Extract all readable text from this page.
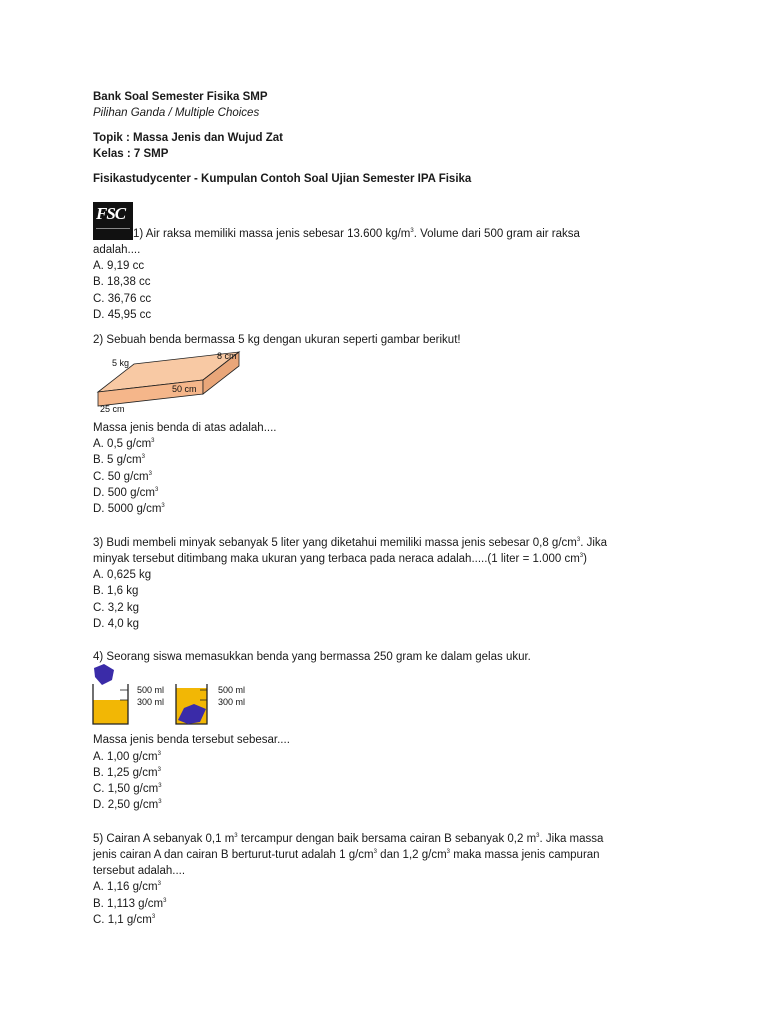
Bank Soal Semester Fisika SMP
Pilihan Ganda / Multiple Choices
Topik : Massa Jenis dan Wujud Zat
Kelas : 7 SMP
Fisikastudycenter - Kumpulan Contoh Soal Ujian Semester IPA Fisika
FSC
1) Air raksa memiliki massa jenis sebesar 13.600 $kg/m^3$. Volume dari 500 gram air raksa
adalah....
A. 9,19 cc
B. 18,38 cc
C. 36,76 cc
D. 45,95 cc
2) Sebuah benda bermassa 5 kg dengan ukuran seperti gambar berikut!
5 kg
8 cm
50 cm
25 cm
Massa jenis benda di atas adalah....
A. 0,5 $g/cm^3$
B. 5 $g/cm^3$
C. 50 $g/cm^3$
D. 500 $g/cm^3$
D. 5000 $g/cm^3$
3) Budi membeli minyak sebanyak 5 liter yang diketahui memiliki massa jenis sebesar 0,8 $g/cm^3$. Jika
minyak tersebut ditimbang maka ukuran yang terbaca pada neraca adalah.....(1 liter = 1.000 $cm^3$)
A. 0,625 kg
B. 1,6 kg
C. 3,2 kg
D. 4,0 kg
4) Seorang siswa memasukkan benda yang bermassa 250 gram ke dalam gelas ukur.
500 ml
300 ml
500 ml
300 ml
Massa jenis benda tersebut sebesar....
A. 1,00 $g/cm^3$
B. 1,25 $g/cm^3$
C. 1,50 $g/cm^3$
D. 2,50 $g/cm^3$
5) Cairan A sebanyak 0,1 $m^3$ tercampur dengan baik bersama cairan B sebanyak 0,2 $m^3$. Jika massa
jenis cairan A dan cairan B berturut-turut adalah 1 $g/cm^3$ dan 1,2 $g/cm^3$ maka massa jenis campuran
tersebut adalah....
A. 1,16 $g/cm^3$
B. 1,113 $g/cm^3$
C. 1,1 $g/cm^3$
